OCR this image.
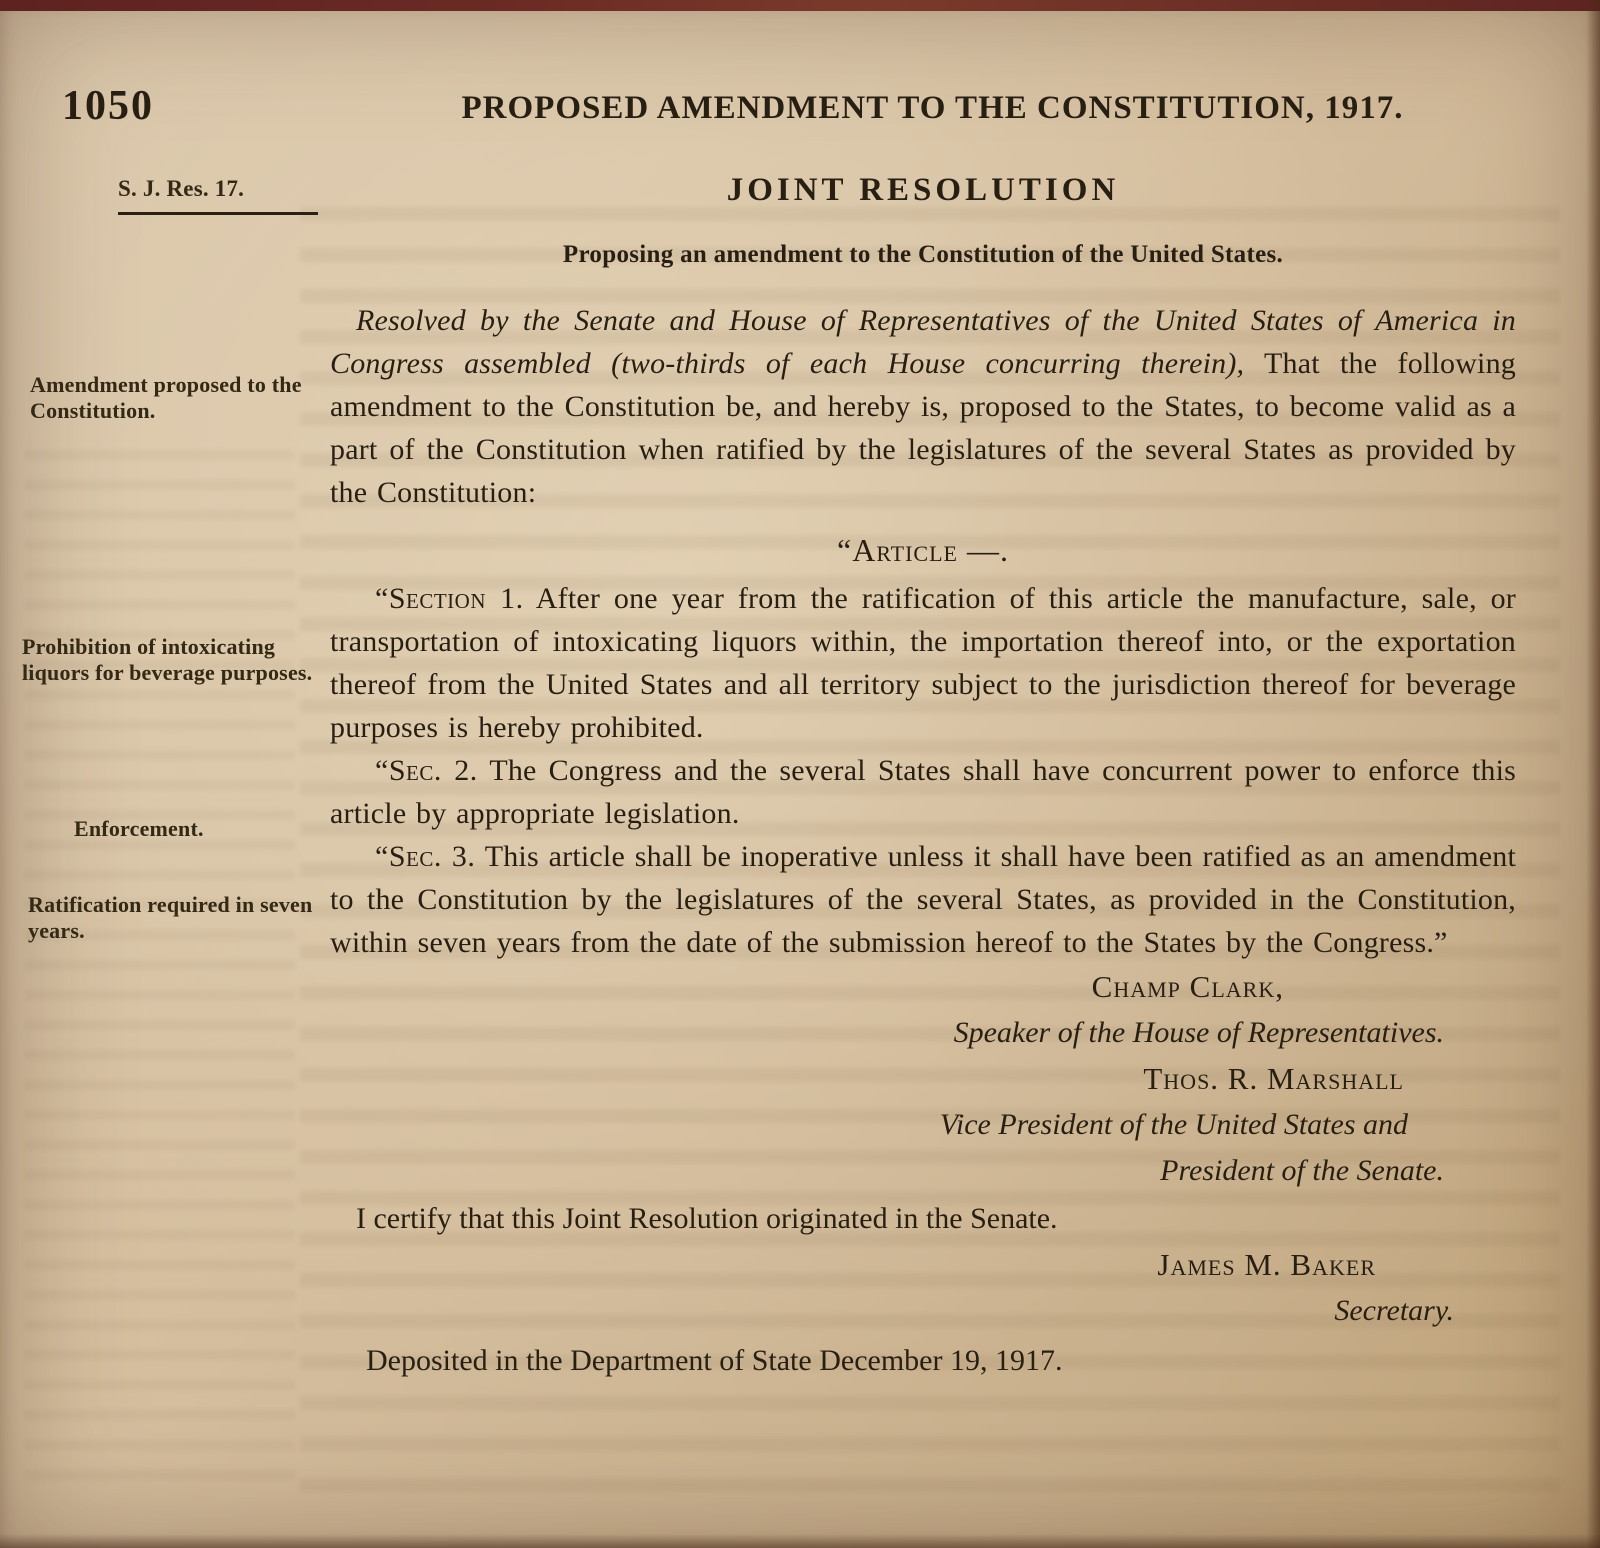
1050	PROPOSED AMENDMENT TO THE CONSTITUTION, 1917.
S. J. Res. 17.
Amendment proposed to the Constitution.
Prohibition of intoxicating liquors for beverage purposes.
Enforcement.
Ratification required in seven years.
JOINT RESOLUTION
Proposing an amendment to the Constitution of the United States.

Resolved by the Senate and House of Representatives of the United States of America in Congress assembled (two-thirds of each House concurring therein), That the following amendment to the Constitution be, and hereby is, proposed to the States, to become valid as a part of the Constitution when ratified by the legislatures of the several States as provided by the Constitution:

“Article —.

“Section 1. After one year from the ratification of this article the manufacture, sale, or transportation of intoxicating liquors within, the importation thereof into, or the exportation thereof from the United States and all territory subject to the jurisdiction thereof for beverage purposes is hereby prohibited.

“Sec. 2. The Congress and the several States shall have concurrent power to enforce this article by appropriate legislation.

“Sec. 3. This article shall be inoperative unless it shall have been ratified as an amendment to the Constitution by the legislatures of the several States, as provided in the Constitution, within seven years from the date of the submission hereof to the States by the Congress.”

Champ Clark,
Speaker of the House of Representatives.
Thos. R. Marshall
Vice President of the United States and
President of the Senate.
I certify that this Joint Resolution originated in the Senate.
James M. Baker
Secretary.
Deposited in the Department of State December 19, 1917.
